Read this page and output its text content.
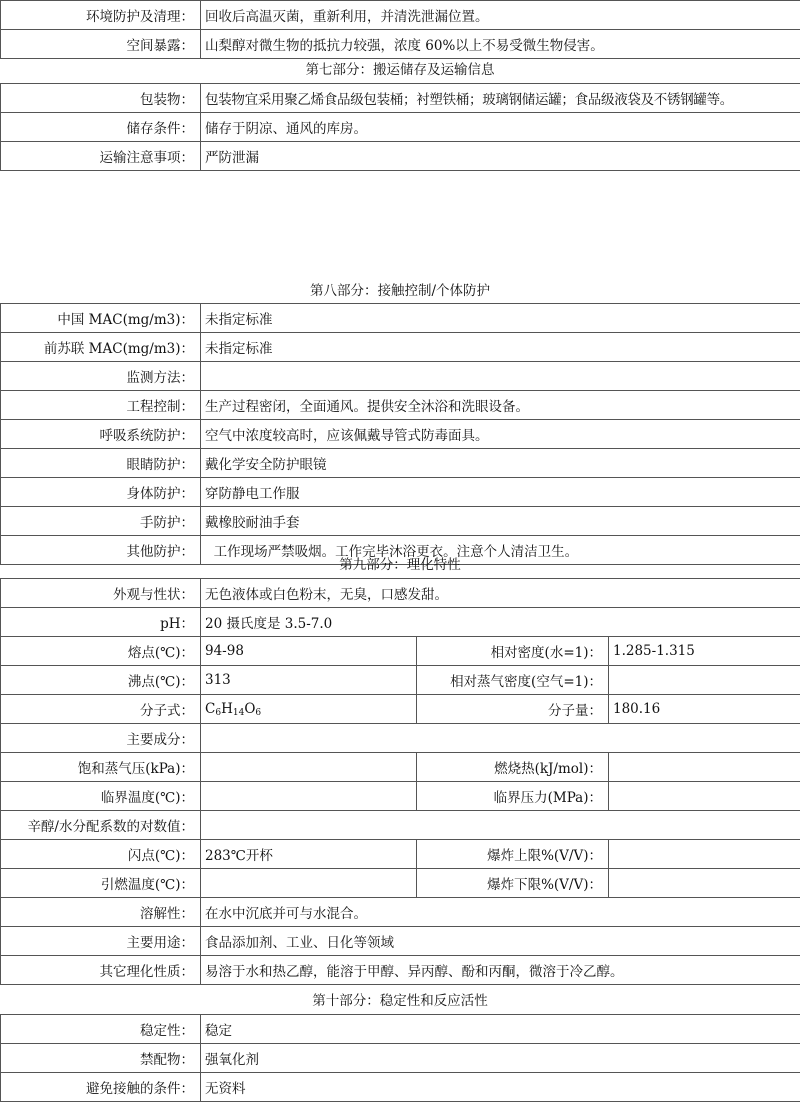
环境防护及清理：	回收后高温灭菌，重新利用，并清洗泄漏位置。
空间暴露：	山梨醇对微生物的抵抗力较强，浓度 60%以上不易受微生物侵害。
第七部分：搬运储存及运输信息
包装物：	包装物宜采用聚乙烯食品级包装桶；衬塑铁桶；玻璃钢储运罐；食品级液袋及不锈钢罐等。
储存条件：	储存于阴凉、通风的库房。
运输注意事项：	严防泄漏
第八部分：接触控制/个体防护
中国 MAC(mg/m3)：	未指定标准
前苏联 MAC(mg/m3)：	未指定标准
监测方法：	
工程控制：	生产过程密闭，全面通风。提供安全沐浴和洗眼设备。
呼吸系统防护：	空气中浓度较高时，应该佩戴导管式防毒面具。
眼睛防护：	戴化学安全防护眼镜
身体防护：	穿防静电工作服
手防护：	戴橡胶耐油手套
其他防护：	工作现场严禁吸烟。工作完毕沐浴更衣。注意个人清洁卫生。
第九部分：理化特性
外观与性状：	无色液体或白色粉末，无臭，口感发甜。		
pH：	20 摄氏度是 3.5-7.0		
熔点(℃)：	94-98	相对密度(水=1)：	1.285-1.315
沸点(℃)：	313	相对蒸气密度(空气=1)：	
分子式：	$C_6H_{14}O_6$	分子量：	180.16
主要成分：			
饱和蒸气压(kPa)：		燃烧热(kJ/mol)：	
临界温度(℃)：		临界压力(MPa)：	
辛醇/水分配系数的对数值：			
闪点(℃)：	283℃开杯	爆炸上限%(V/V)：	
引燃温度(℃)：		爆炸下限%(V/V)：	
溶解性：	在水中沉底并可与水混合。		
主要用途：	食品添加剂、工业、日化等领域		
其它理化性质：	易溶于水和热乙醇，能溶于甲醇、异丙醇、酚和丙酮，微溶于冷乙醇。		
第十部分：稳定性和反应活性
稳定性：	稳定
禁配物：	强氧化剂
避免接触的条件：	无资料
